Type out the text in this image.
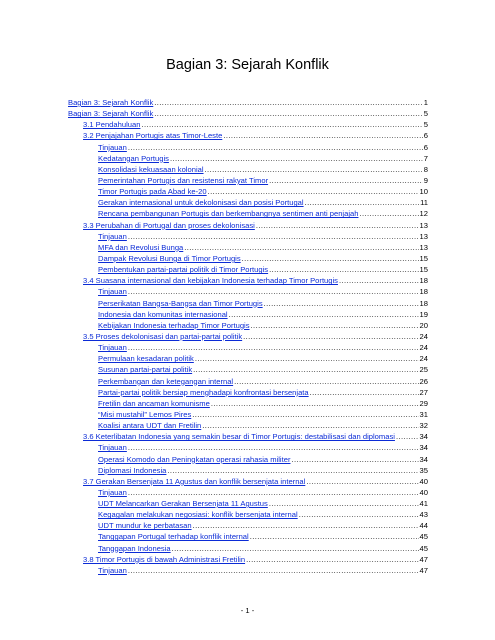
Bagian 3: Sejarah Konflik
Bagian 3: Sejarah Konflik .....	1
Bagian 3: Sejarah Konflik .....	5
3.1 Pendahuluan .....	5
3.2 Penjajahan Portugis atas Timor-Leste .....	6
Tinjauan .....	6
Kedatangan Portugis .....	7
Konsolidasi kekuasaan kolonial .....	8
Pemerintahan Portugis dan resistensi rakyat Timor .....	9
Timor Portugis pada Abad ke-20 .....	10
Gerakan internasional untuk dekolonisasi dan posisi Portugal .....	11
Rencana pembangunan Portugis dan berkembangnya sentimen anti penjajah .....	12
3.3 Perubahan di Portugal dan proses dekolonisasi .....	13
Tinjauan .....	13
MFA dan Revolusi Bunga .....	13
Dampak Revolusi Bunga di Timor Portugis .....	15
Pembentukan partai-partai politik di Timor Portugis .....	15
3.4 Suasana internasional dan kebijakan Indonesia terhadap Timor Portugis .....	18
Tinjauan .....	18
Perserikatan Bangsa-Bangsa dan Timor Portugis .....	18
Indonesia dan komunitas internasional .....	19
Kebijakan Indonesia terhadap Timor Portugis .....	20
3.5 Proses dekolonisasi dan partai-partai politik .....	24
Tinjauan .....	24
Permulaan kesadaran politik .....	24
Susunan partai-partai politik .....	25
Perkembangan dan ketegangan internal .....	26
Partai-partai politik bersiap menghadapi konfrontasi bersenjata .....	27
Fretilin dan ancaman komunisme .....	29
“Misi mustahil” Lemos Pires .....	31
Koalisi antara UDT dan Fretilin .....	32
3.6 Keterlibatan Indonesia yang semakin besar di Timor Portugis: destabilisasi dan diplomasi .....	34
Tinjauan .....	34
Operasi Komodo dan Peningkatan operasi rahasia militer .....	34
Diplomasi Indonesia .....	35
3.7 Gerakan Bersenjata 11 Agustus dan konflik bersenjata internal .....	40
Tinjauan .....	40
UDT Melancarkan Gerakan Bersenjata 11 Agustus .....	41
Kegagalan melakukan negosiasi: konflik bersenjata internal .....	43
UDT mundur ke perbatasan .....	44
Tanggapan Portugal terhadap konflik internal .....	45
Tanggapan Indonesia .....	45
3.8 Timor Portugis di bawah Administrasi Fretilin .....	47
Tinjauan .....	47
- 1 -
